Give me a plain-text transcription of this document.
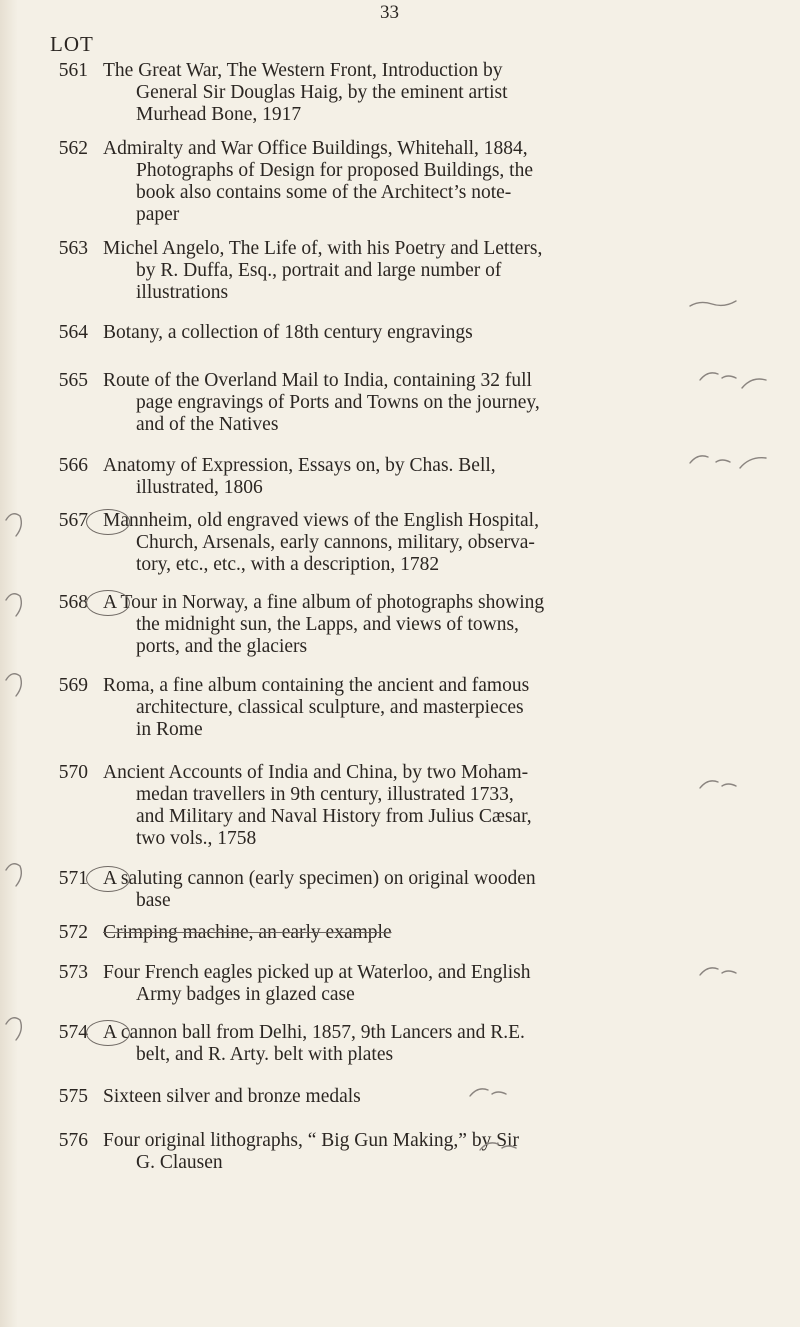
33
LOT
561 The Great War, The Western Front, Introduction by
General Sir Douglas Haig, by the eminent artist
Murhead Bone, 1917
562 Admiralty and War Office Buildings, Whitehall, 1884,
Photographs of Design for proposed Buildings, the
book also contains some of the Architect’s note-
paper
563 Michel Angelo, The Life of, with his Poetry and Letters,
by R. Duffa, Esq., portrait and large number of
illustrations
564 Botany, a collection of 18th century engravings
565 Route of the Overland Mail to India, containing 32 full
page engravings of Ports and Towns on the journey,
and of the Natives
566 Anatomy of Expression, Essays on, by Chas. Bell,
illustrated, 1806
567 Mannheim, old engraved views of the English Hospital,
Church, Arsenals, early cannons, military, observa-
tory, etc., etc., with a description, 1782
568 A Tour in Norway, a fine album of photographs showing
the midnight sun, the Lapps, and views of towns,
ports, and the glaciers
569 Roma, a fine album containing the ancient and famous
architecture, classical sculpture, and masterpieces
in Rome
570 Ancient Accounts of India and China, by two Moham-
medan travellers in 9th century, illustrated 1733,
and Military and Naval History from Julius Cæsar,
two vols., 1758
571 A saluting cannon (early specimen) on original wooden
base
572 Crimping machine, an early example
573 Four French eagles picked up at Waterloo, and English
Army badges in glazed case
574 A cannon ball from Delhi, 1857, 9th Lancers and R.E.
belt, and R. Arty. belt with plates
575 Sixteen silver and bronze medals
576 Four original lithographs, “ Big Gun Making,” by Sir
G. Clausen
